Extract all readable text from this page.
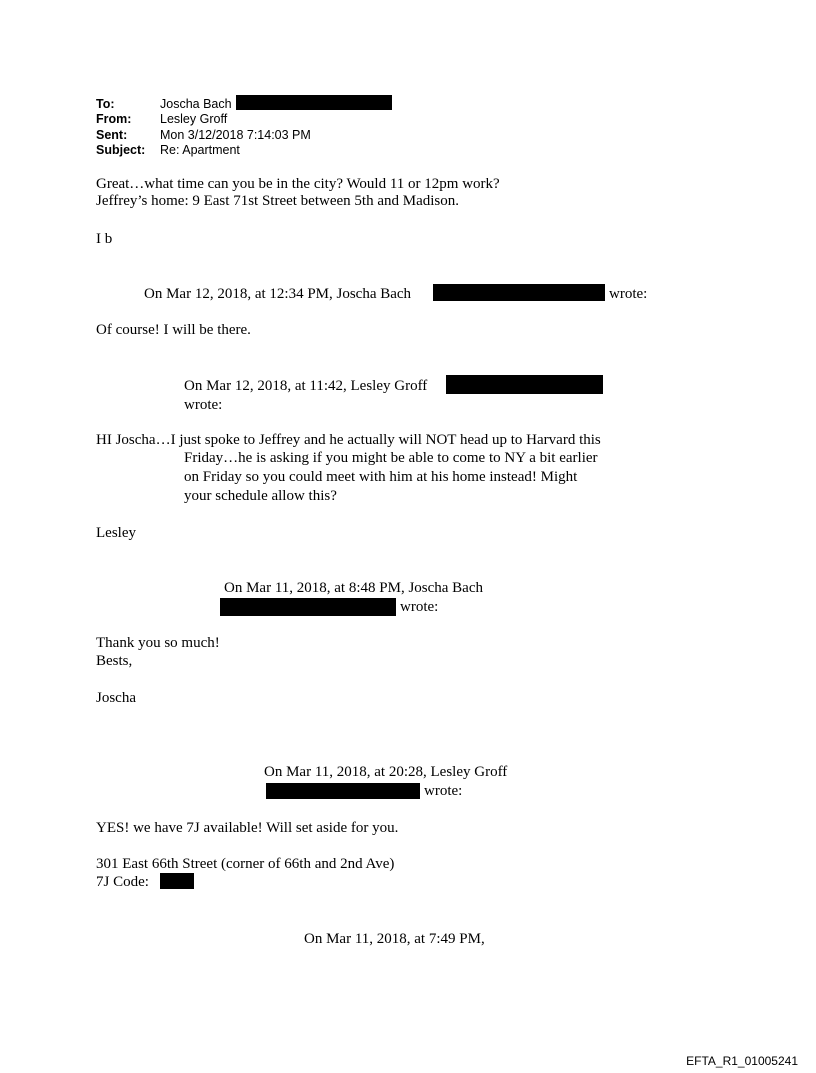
To:	Joscha Bach
From: Lesley Groff
Sent:	Mon 3/12/2018 7:14:03 PM
Subject: Re: Apartment
Great…what time can you be in the city? Would 11 or 12pm work?
Jeffrey’s home: 9 East 71st Street between 5th and Madison.
I b
On Mar 12, 2018, at 12:34 PM, Joscha Bach	wrote:
Of course! I will be there.
On Mar 12, 2018, at 11:42, Lesley Groff
wrote:
HI Joscha…I just spoke to Jeffrey and he actually will NOT head up to Harvard this
Friday…he is asking if you might be able to come to NY a bit earlier
on Friday so you could meet with him at his home instead! Might
your schedule allow this?
Lesley
On Mar 11, 2018, at 8:48 PM, Joscha Bach
wrote:
Thank you so much!
Bests,
Joscha
On Mar 11, 2018, at 20:28, Lesley Groff
wrote:
YES! we have 7J available! Will set aside for you.
301 East 66th Street (corner of 66th and 2nd Ave)
7J Code:
On Mar 11, 2018, at 7:49 PM,
EFTA_R1_01005241
